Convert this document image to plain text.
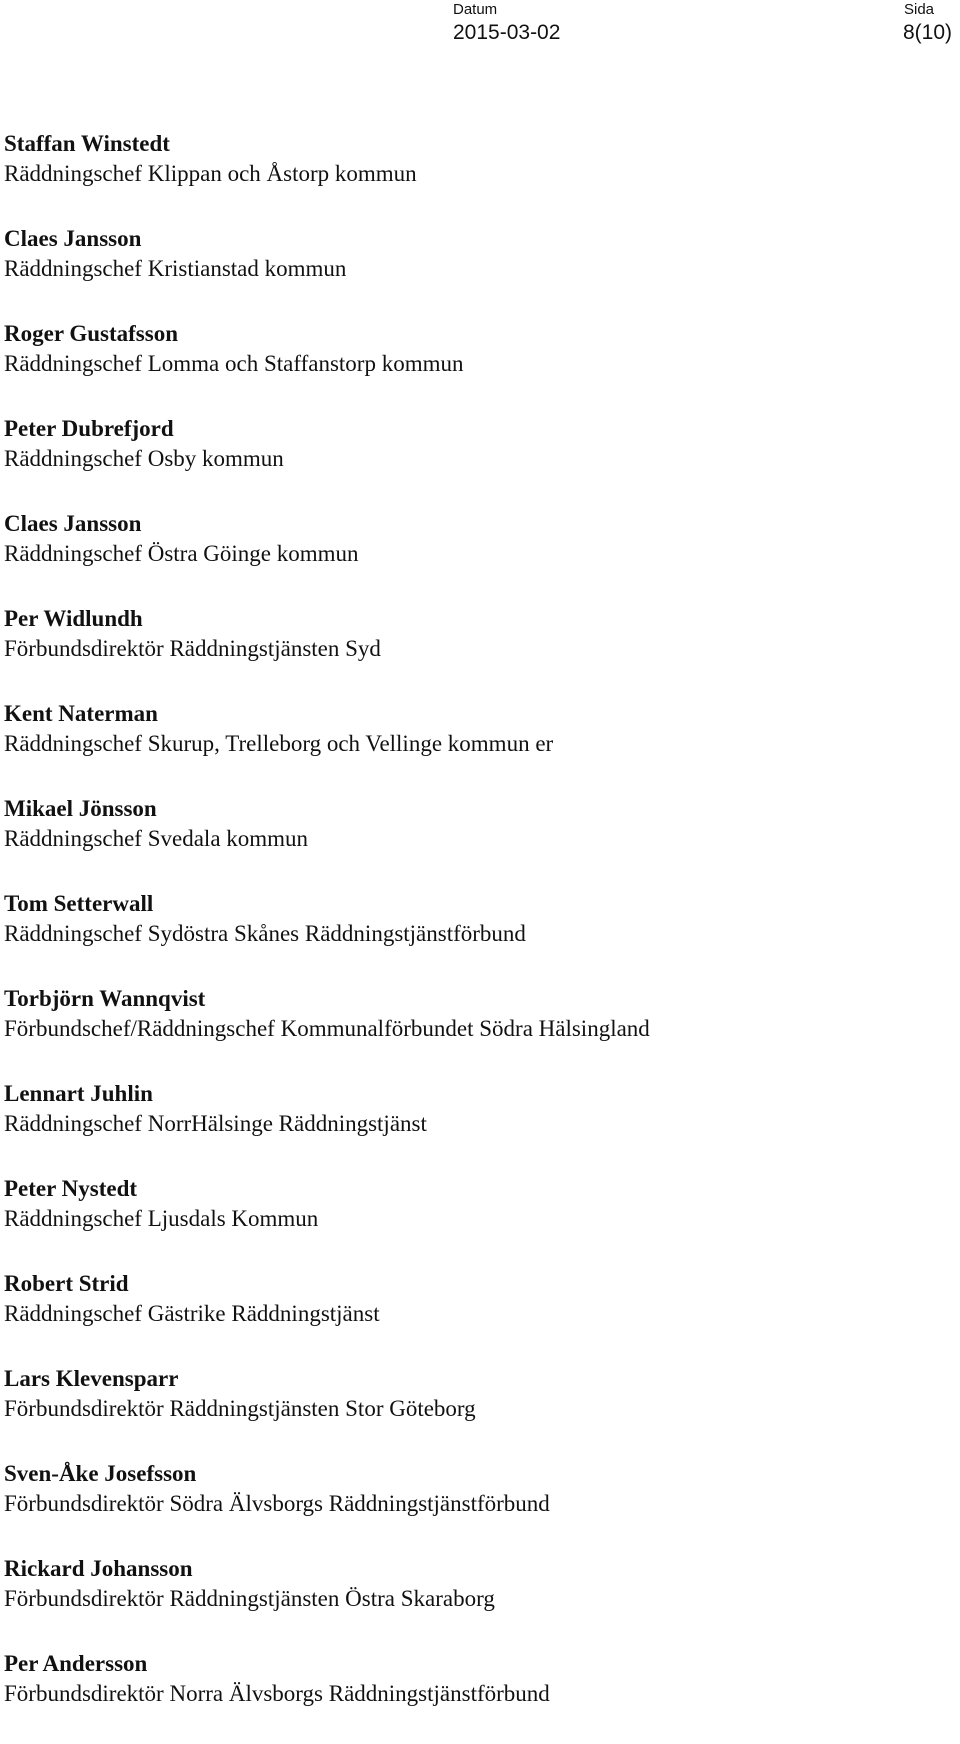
Datum
2015-03-02
Sida
8(10)
Staffan Winstedt
Räddningschef Klippan och Åstorp kommun
Claes Jansson
Räddningschef Kristianstad kommun
Roger Gustafsson
Räddningschef Lomma och Staffanstorp kommun
Peter Dubrefjord
Räddningschef Osby kommun
Claes Jansson
Räddningschef Östra Göinge kommun
Per Widlundh
Förbundsdirektör Räddningstjänsten Syd
Kent Naterman
Räddningschef Skurup, Trelleborg och Vellinge kommun er
Mikael Jönsson
Räddningschef Svedala kommun
Tom Setterwall
Räddningschef Sydöstra Skånes Räddningstjänstförbund
Torbjörn Wannqvist
Förbundschef/Räddningschef Kommunalförbundet Södra Hälsingland
Lennart Juhlin
Räddningschef NorrHälsinge Räddningstjänst
Peter Nystedt
Räddningschef Ljusdals Kommun
Robert Strid
Räddningschef Gästrike Räddningstjänst
Lars Klevensparr
Förbundsdirektör Räddningstjänsten Stor Göteborg
Sven-Åke Josefsson
Förbundsdirektör Södra Älvsborgs Räddningstjänstförbund
Rickard Johansson
Förbundsdirektör Räddningstjänsten Östra Skaraborg
Per Andersson
Förbundsdirektör Norra Älvsborgs Räddningstjänstförbund
